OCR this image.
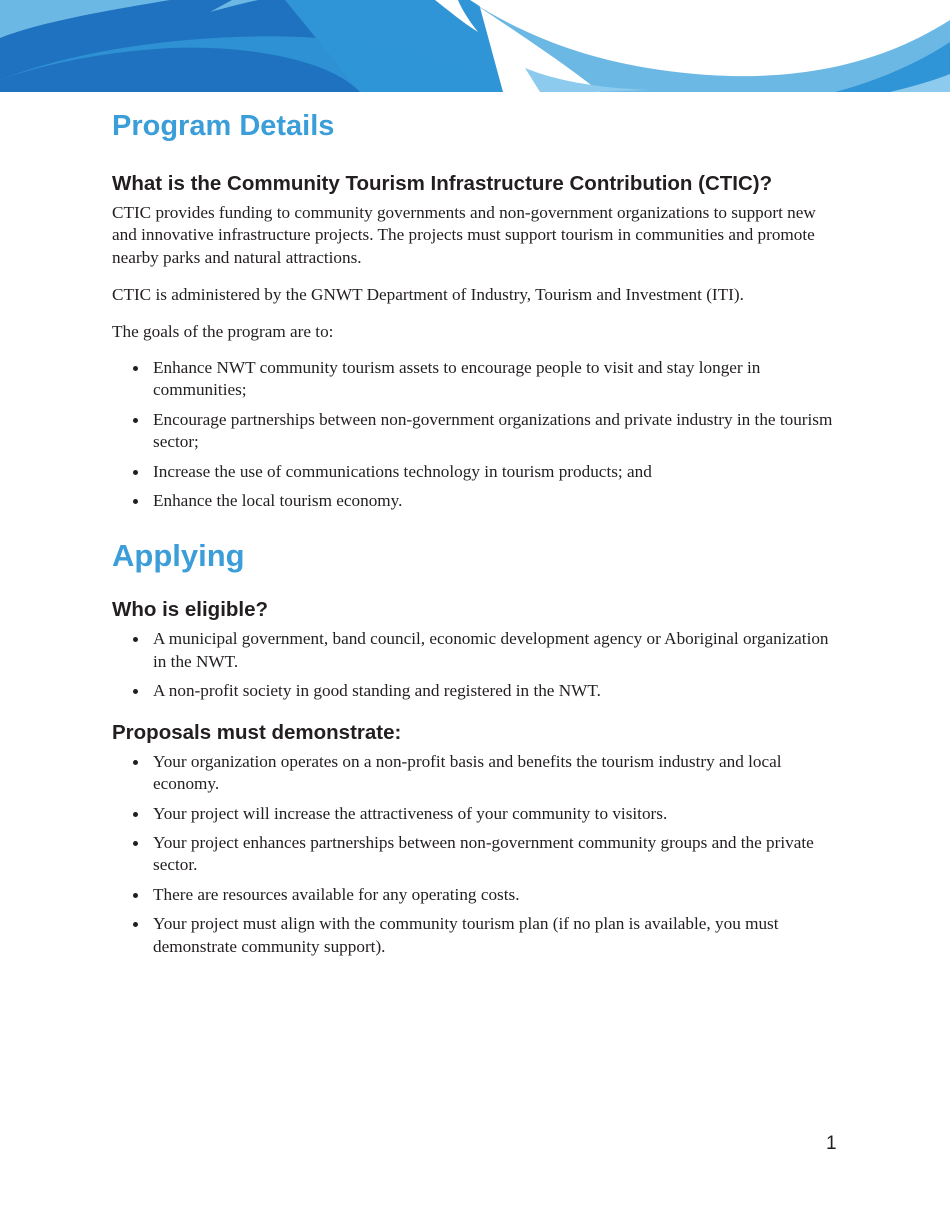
Program Details
What is the Community Tourism Infrastructure Contribution (CTIC)?

CTIC provides funding to community governments and non-government organizations to support new and innovative infrastructure projects. The projects must support tourism in communities and promote nearby parks and natural attractions.

CTIC is administered by the GNWT Department of Industry, Tourism and Investment (ITI).

The goals of the program are to:

Enhance NWT community tourism assets to encourage people to visit and stay longer in communities;
Encourage partnerships between non-government organizations and private industry in the tourism sector;
Increase the use of communications technology in tourism products; and
Enhance the local tourism economy.
Applying
Who is eligible?
A municipal government, band council, economic development agency or Aboriginal organization in the NWT.
A non-profit society in good standing and registered in the NWT.
Proposals must demonstrate:
Your organization operates on a non-profit basis and benefits the tourism industry and local economy.
Your project will increase the attractiveness of your community to visitors.
Your project enhances partnerships between non-government community groups and the private sector.
There are resources available for any operating costs.
Your project must align with the community tourism plan (if no plan is available, you must demonstrate community support).
1
